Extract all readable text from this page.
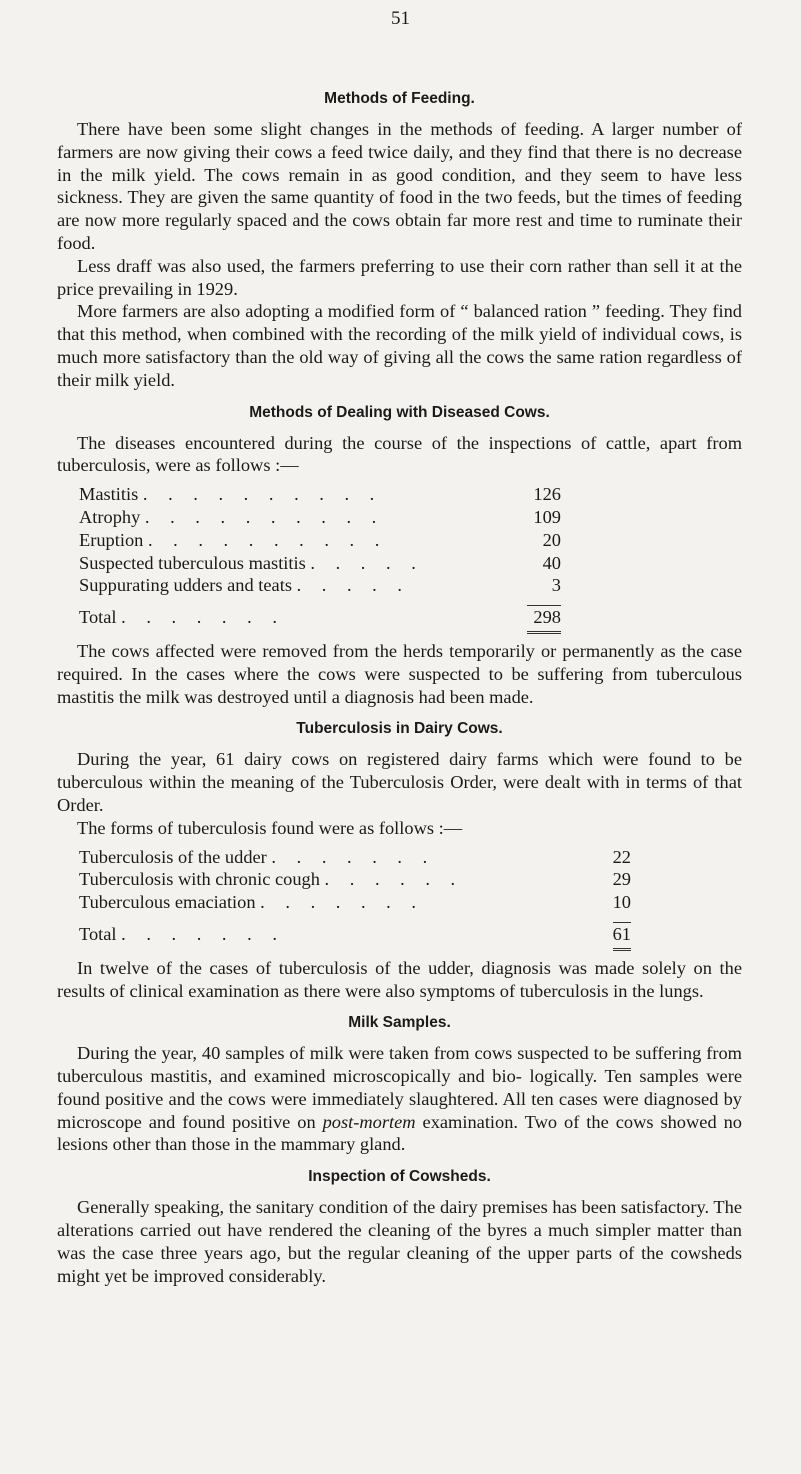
51
Methods of Feeding.

There have been some slight changes in the methods of feeding. A larger number of farmers are now giving their cows a feed twice daily, and they find that there is no decrease in the milk yield. The cows remain in as good condition, and they seem to have less sickness. They are given the same quantity of food in the two feeds, but the times of feeding are now more regularly spaced and the cows obtain far more rest and time to ruminate their food.

Less draff was also used, the farmers preferring to use their corn rather than sell it at the price prevailing in 1929.

More farmers are also adopting a modified form of “ balanced ration ” feeding. They find that this method, when combined with the recording of the milk yield of individual cows, is much more satisfactory than the old way of giving all the cows the same ration regardless of their milk yield.

Methods of Dealing with Diseased Cows.

The diseases encountered during the course of the inspections of cattle, apart from tuberculosis, were as follows :—

Mastitis . . . . . . . . . .	126
Atrophy . . . . . . . . . .	109
Eruption . . . . . . . . . .	20
Suspected tuberculous mastitis . . . . .	40
Suppurating udders and teats . . . . .	3

Total . . . . . . .	298

The cows affected were removed from the herds temporarily or permanently as the case required. In the cases where the cows were suspected to be suffering from tuberculous mastitis the milk was destroyed until a diagnosis had been made.

Tuberculosis in Dairy Cows.

During the year, 61 dairy cows on registered dairy farms which were found to be tuberculous within the meaning of the Tuberculosis Order, were dealt with in terms of that Order.

The forms of tuberculosis found were as follows :—

Tuberculosis of the udder . . . . . . .	22
Tuberculosis with chronic cough . . . . . .	29
Tuberculous emaciation . . . . . . .	10

Total . . . . . . .	61

In twelve of the cases of tuberculosis of the udder, diagnosis was made solely on the results of clinical examination as there were also symptoms of tuberculosis in the lungs.

Milk Samples.

During the year, 40 samples of milk were taken from cows suspected to be suffering from tuberculous mastitis, and examined microscopically and bio- logically. Ten samples were found positive and the cows were immediately slaughtered. All ten cases were diagnosed by microscope and found positive on post-mortem examination. Two of the cows showed no lesions other than those in the mammary gland.

Inspection of Cowsheds.

Generally speaking, the sanitary condition of the dairy premises has been satisfactory. The alterations carried out have rendered the cleaning of the byres a much simpler matter than was the case three years ago, but the regular cleaning of the upper parts of the cowsheds might yet be improved considerably.
